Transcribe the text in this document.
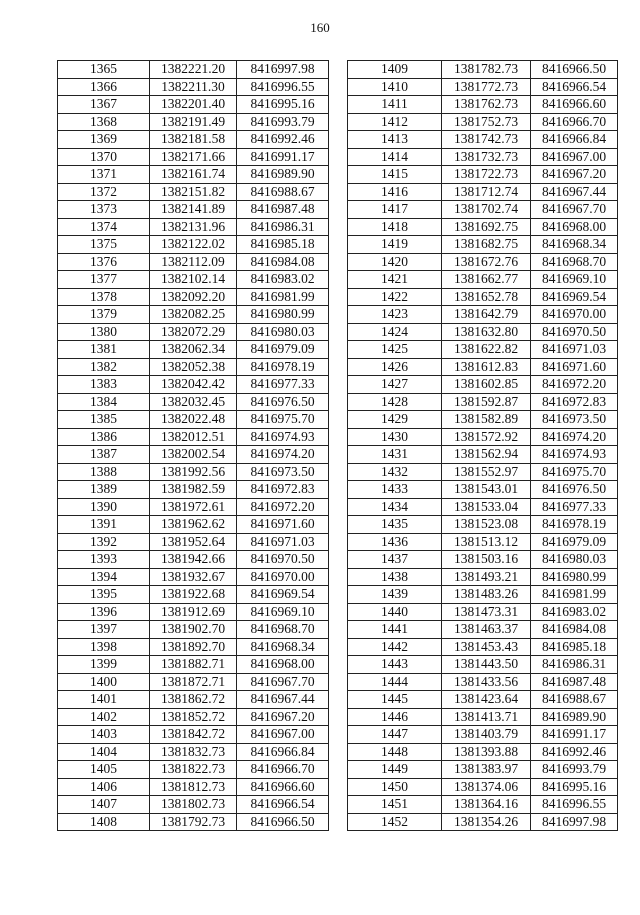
160
1365	1382221.20	8416997.98
1366	1382211.30	8416996.55
1367	1382201.40	8416995.16
1368	1382191.49	8416993.79
1369	1382181.58	8416992.46
1370	1382171.66	8416991.17
1371	1382161.74	8416989.90
1372	1382151.82	8416988.67
1373	1382141.89	8416987.48
1374	1382131.96	8416986.31
1375	1382122.02	8416985.18
1376	1382112.09	8416984.08
1377	1382102.14	8416983.02
1378	1382092.20	8416981.99
1379	1382082.25	8416980.99
1380	1382072.29	8416980.03
1381	1382062.34	8416979.09
1382	1382052.38	8416978.19
1383	1382042.42	8416977.33
1384	1382032.45	8416976.50
1385	1382022.48	8416975.70
1386	1382012.51	8416974.93
1387	1382002.54	8416974.20
1388	1381992.56	8416973.50
1389	1381982.59	8416972.83
1390	1381972.61	8416972.20
1391	1381962.62	8416971.60
1392	1381952.64	8416971.03
1393	1381942.66	8416970.50
1394	1381932.67	8416970.00
1395	1381922.68	8416969.54
1396	1381912.69	8416969.10
1397	1381902.70	8416968.70
1398	1381892.70	8416968.34
1399	1381882.71	8416968.00
1400	1381872.71	8416967.70
1401	1381862.72	8416967.44
1402	1381852.72	8416967.20
1403	1381842.72	8416967.00
1404	1381832.73	8416966.84
1405	1381822.73	8416966.70
1406	1381812.73	8416966.60
1407	1381802.73	8416966.54
1408	1381792.73	8416966.50
1409	1381782.73	8416966.50
1410	1381772.73	8416966.54
1411	1381762.73	8416966.60
1412	1381752.73	8416966.70
1413	1381742.73	8416966.84
1414	1381732.73	8416967.00
1415	1381722.73	8416967.20
1416	1381712.74	8416967.44
1417	1381702.74	8416967.70
1418	1381692.75	8416968.00
1419	1381682.75	8416968.34
1420	1381672.76	8416968.70
1421	1381662.77	8416969.10
1422	1381652.78	8416969.54
1423	1381642.79	8416970.00
1424	1381632.80	8416970.50
1425	1381622.82	8416971.03
1426	1381612.83	8416971.60
1427	1381602.85	8416972.20
1428	1381592.87	8416972.83
1429	1381582.89	8416973.50
1430	1381572.92	8416974.20
1431	1381562.94	8416974.93
1432	1381552.97	8416975.70
1433	1381543.01	8416976.50
1434	1381533.04	8416977.33
1435	1381523.08	8416978.19
1436	1381513.12	8416979.09
1437	1381503.16	8416980.03
1438	1381493.21	8416980.99
1439	1381483.26	8416981.99
1440	1381473.31	8416983.02
1441	1381463.37	8416984.08
1442	1381453.43	8416985.18
1443	1381443.50	8416986.31
1444	1381433.56	8416987.48
1445	1381423.64	8416988.67
1446	1381413.71	8416989.90
1447	1381403.79	8416991.17
1448	1381393.88	8416992.46
1449	1381383.97	8416993.79
1450	1381374.06	8416995.16
1451	1381364.16	8416996.55
1452	1381354.26	8416997.98
